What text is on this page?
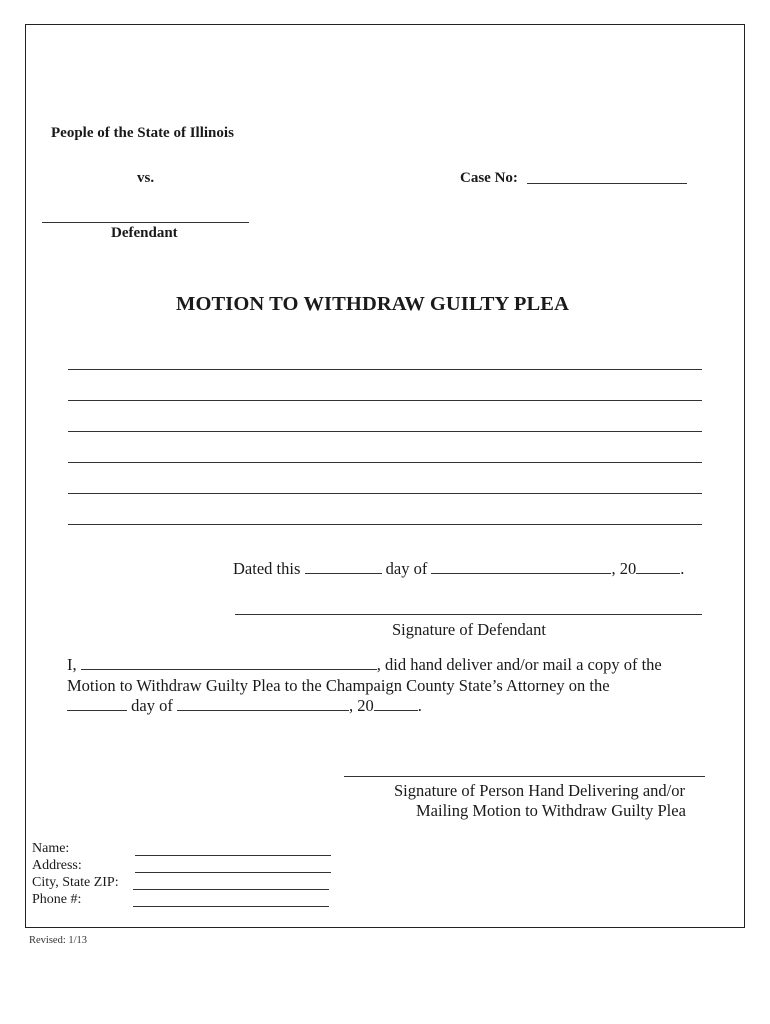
People of the State of Illinois
vs.	Case No:
Defendant
MOTION TO WITHDRAW GUILTY PLEA
Dated this	day of	, 20	.
Signature of Defendant
I,	, did hand deliver and/or mail a copy of the
Motion to Withdraw Guilty Plea to the Champaign County State’s Attorney on the
day of	, 20	.
Signature of Person Hand Delivering and/or
Mailing Motion to Withdraw Guilty Plea
Name:
Address:
City, State ZIP:
Phone #:
Revised: 1/13
